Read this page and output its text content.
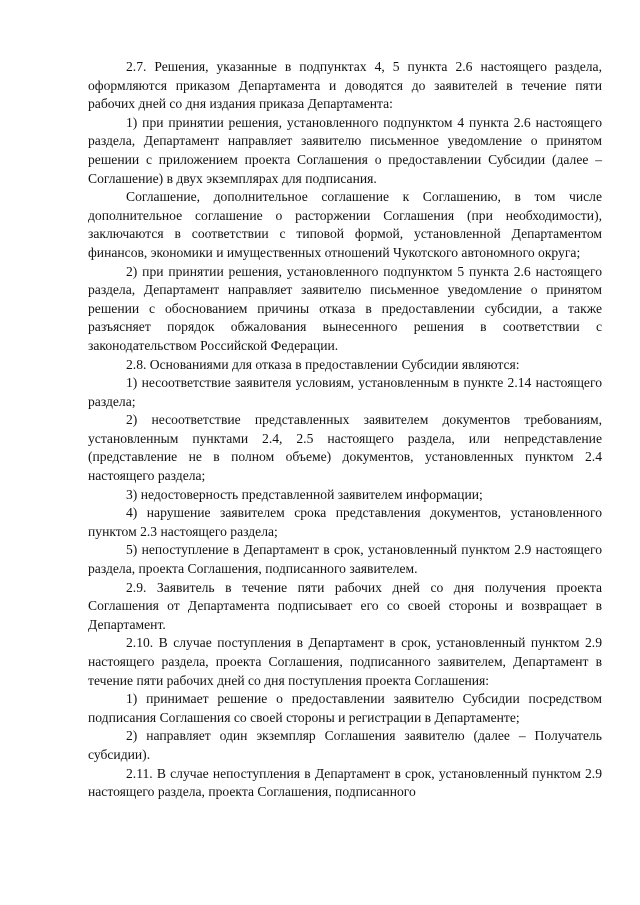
2.7. Решения, указанные в подпунктах 4, 5 пункта 2.6 настоящего раздела, оформляются приказом Департамента и доводятся до заявителей в течение пяти рабочих дней со дня издания приказа Департамента:

1) при принятии решения, установленного подпунктом 4 пункта 2.6 настоящего раздела, Департамент направляет заявителю письменное уведомление о принятом решении с приложением проекта Соглашения о предоставлении Субсидии (далее – Соглашение) в двух экземплярах для подписания.

Соглашение, дополнительное соглашение к Соглашению, в том числе дополнительное соглашение о расторжении Соглашения (при необходимости), заключаются в соответствии с типовой формой, установленной Департаментом финансов, экономики и имущественных отношений Чукотского автономного округа;

2) при принятии решения, установленного подпунктом 5 пункта 2.6 настоящего раздела, Департамент направляет заявителю письменное уведомление о принятом решении с обоснованием причины отказа в предоставлении субсидии, а также разъясняет порядок обжалования вынесенного решения в соответствии с законодательством Российской Федерации.

2.8. Основаниями для отказа в предоставлении Субсидии являются:

1) несоответствие заявителя условиям, установленным в пункте 2.14 настоящего раздела;

2) несоответствие представленных заявителем документов требованиям, установленным пунктами 2.4, 2.5 настоящего раздела, или непредставление (представление не в полном объеме) документов, установленных пунктом 2.4 настоящего раздела;

3) недостоверность представленной заявителем информации;

4) нарушение заявителем срока представления документов, установленного пунктом 2.3 настоящего раздела;

5) непоступление в Департамент в срок, установленный пунктом 2.9 настоящего раздела, проекта Соглашения, подписанного заявителем.

2.9. Заявитель в течение пяти рабочих дней со дня получения проекта Соглашения от Департамента подписывает его со своей стороны и возвращает в Департамент.

2.10. В случае поступления в Департамент в срок, установленный пунктом 2.9 настоящего раздела, проекта Соглашения, подписанного заявителем, Департамент в течение пяти рабочих дней со дня поступления проекта Соглашения:

1) принимает решение о предоставлении заявителю Субсидии посредством подписания Соглашения со своей стороны и регистрации в Департаменте;

2) направляет один экземпляр Соглашения заявителю (далее – Получатель субсидии).

2.11. В случае непоступления в Департамент в срок, установленный пунктом 2.9 настоящего раздела, проекта Соглашения, подписанного
